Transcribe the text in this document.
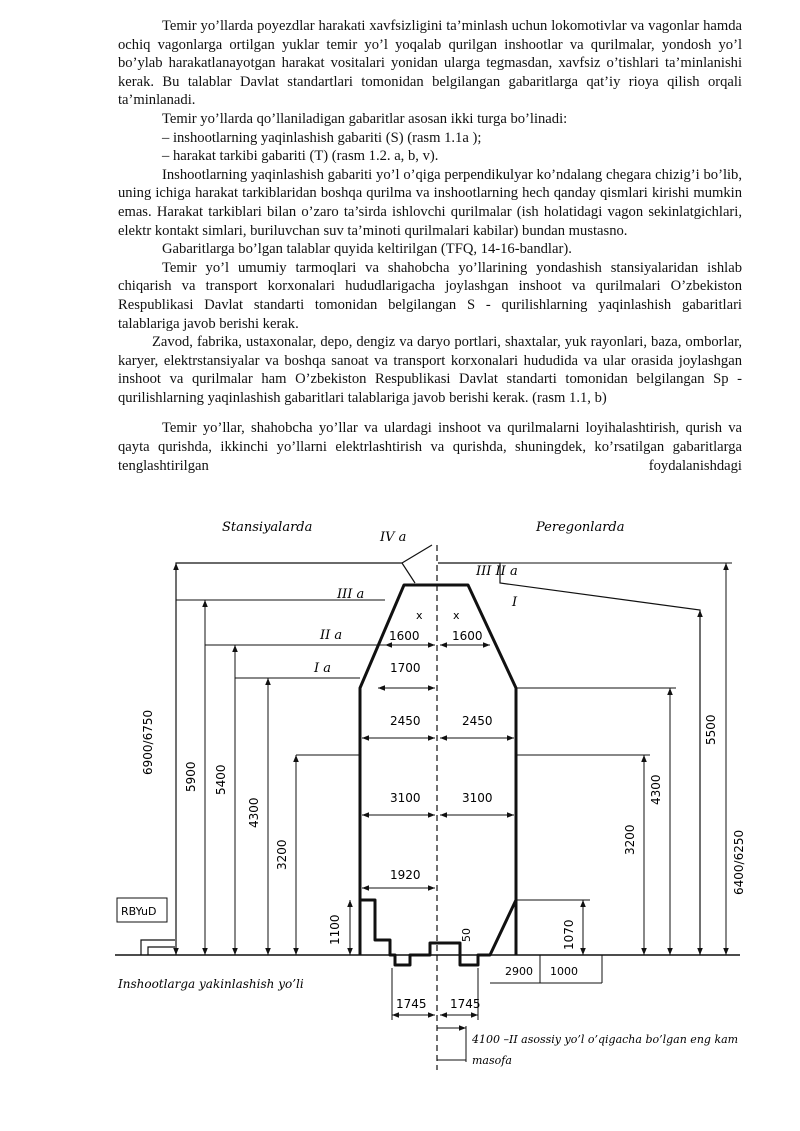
Temir yo’llarda poyezdlar harakati xavfsizligini ta’minlash uchun lokomotivlar va vagonlar hamda ochiq vagonlarga ortilgan yuklar temir yo’l yoqalab qurilgan inshootlar va qurilmalar, yondosh yo’l bo’ylab harakatlanayotgan harakat vositalari yonidan ularga tegmasdan, xavfsiz o’tishlari ta’minlanishi kerak. Bu talablar Davlat standartlari tomonidan belgilangan gabaritlarga qat’iy rioya qilish orqali ta’minlanadi.

Temir yo’llarda qo’llaniladigan gabaritlar asosan ikki turga bo’linadi:

– inshootlarning yaqinlashish gabariti (S) (rasm 1.1a );

– harakat tarkibi gabariti (T) (rasm 1.2. a, b, v).

Inshootlarning yaqinlashish gabariti yo’l o’qiga perpendikulyar ko’ndalang chegara chizig’i bo’lib, uning ichiga harakat tarkiblaridan boshqa qurilma va inshootlarning hech qanday qismlari kirishi mumkin emas. Harakat tarkiblari bilan o’zaro ta’sirda ishlovchi qurilmalar (ish holatidagi vagon sekinlatgichlari, elektr kontakt simlari, buriluvchan suv ta’minoti qurilmalari kabilar) bundan mustasno.

Gabaritlarga bo’lgan talablar quyida keltirilgan (TFQ, 14-16-bandlar).

Temir yo’l umumiy tarmoqlari va shahobcha yo’llarining yondashish stansiyalaridan ishlab chiqarish va transport korxonalari hududlarigacha joylashgan inshoot va qurilmalari O’zbekiston Respublikasi Davlat standarti tomonidan belgilangan S - qurilishlarning yaqinlashish gabaritlari talablariga javob berishi kerak.

Zavod, fabrika, ustaxonalar, depo, dengiz va daryo portlari, shaxtalar, yuk rayonlari, baza, omborlar, karyer, elektrstansiyalar va boshqa sanoat va transport korxonalari hududida va ular orasida joylashgan inshoot va qurilmalar ham O’zbekiston Respublikasi Davlat standarti tomonidan belgilangan Sp - qurilishlarning yaqinlashish gabaritlari talablariga javob berishi kerak. (rasm 1.1, b)

Temir yo’llar, shahobcha yo’llar va ulardagi inshoot va qurilmalarni loyihalashtirish, qurish va qayta qurishda, ikkinchi yo’llarni elektrlashtirish va qurishda, shuningdek, ko’rsatilgan gabaritlarga tenglashtirilgan foydalanishdagi

Stansiyalarda	Peregonlarda
IV a
III a
III II a
II a
I a
I
x	x
1600	1600
1700
2450	2450
3100	3100
1920
6900/6750
5900 5400
4300
3200
1100	50	1070
3200
4300
5500
6400/6250
RBYuD
2900 1000
Inshootlarga yakinlashish yo’li
1745 1745
4100 –II asossiy yo’l o’qigacha bo’lgan eng kam
masofa
